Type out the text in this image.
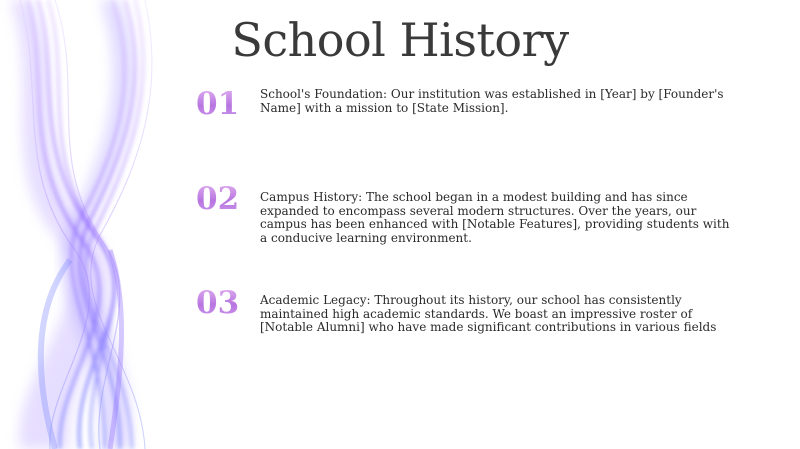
School History
01	School's Foundation: Our institution was established in [Year] by [Founder's Name] with a mission to [State Mission].
02	Campus History: The school began in a modest building and has since expanded to encompass several modern structures. Over the years, our campus has been enhanced with [Notable Features], providing students with a conducive learning environment.
03	Academic Legacy: Throughout its history, our school has consistently maintained high academic standards. We boast an impressive roster of [Notable Alumni] who have made significant contributions in various fields
